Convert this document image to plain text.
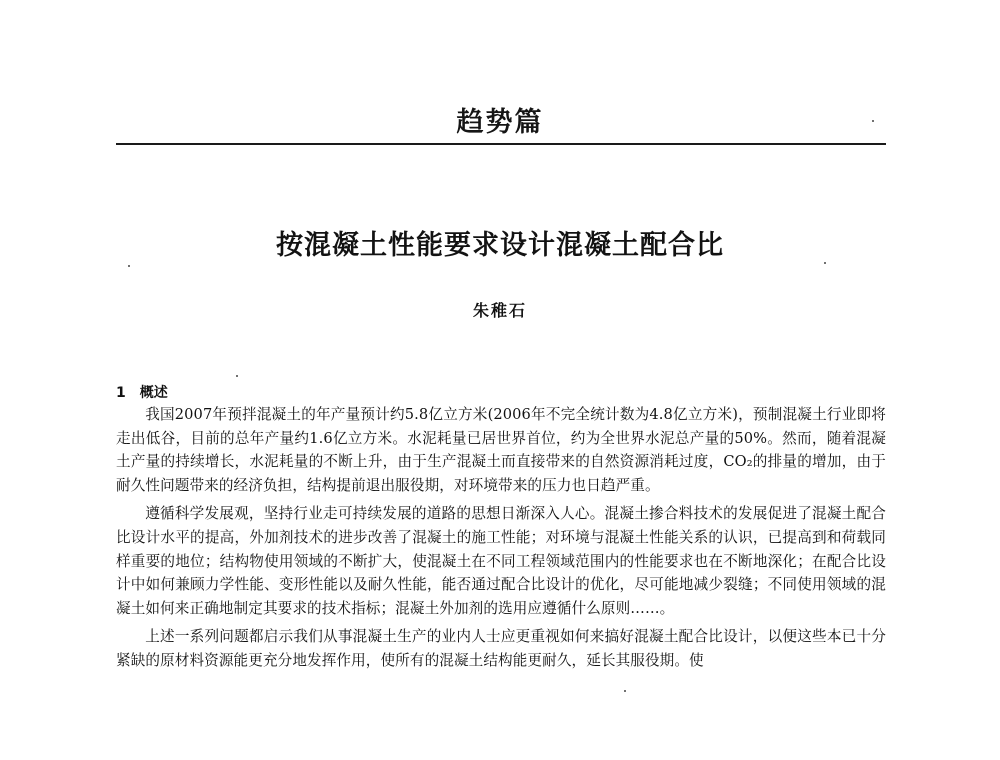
趋势篇
按混凝土性能要求设计混凝土配合比
朱稚石
1 概述

我国2007年预拌混凝土的年产量预计约5.8亿立方米(2006年不完全统计数为4.8亿立方米)，预制混凝土行业即将走出低谷，目前的总年产量约1.6亿立方米。水泥耗量已居世界首位，约为全世界水泥总产量的50%。然而，随着混凝土产量的持续增长，水泥耗量的不断上升，由于生产混凝土而直接带来的自然资源消耗过度，CO₂的排量的增加，由于耐久性问题带来的经济负担，结构提前退出服役期，对环境带来的压力也日趋严重。

遵循科学发展观，坚持行业走可持续发展的道路的思想日渐深入人心。混凝土掺合料技术的发展促进了混凝土配合比设计水平的提高，外加剂技术的进步改善了混凝土的施工性能；对环境与混凝土性能关系的认识，已提高到和荷载同样重要的地位；结构物使用领域的不断扩大，使混凝土在不同工程领域范围内的性能要求也在不断地深化；在配合比设计中如何兼顾力学性能、变形性能以及耐久性能，能否通过配合比设计的优化，尽可能地减少裂缝；不同使用领域的混凝土如何来正确地制定其要求的技术指标；混凝土外加剂的选用应遵循什么原则……。

上述一系列问题都启示我们从事混凝土生产的业内人士应更重视如何来搞好混凝土配合比设计，以便这些本已十分紧缺的原材料资源能更充分地发挥作用，使所有的混凝土结构能更耐久，延长其服役期。使
